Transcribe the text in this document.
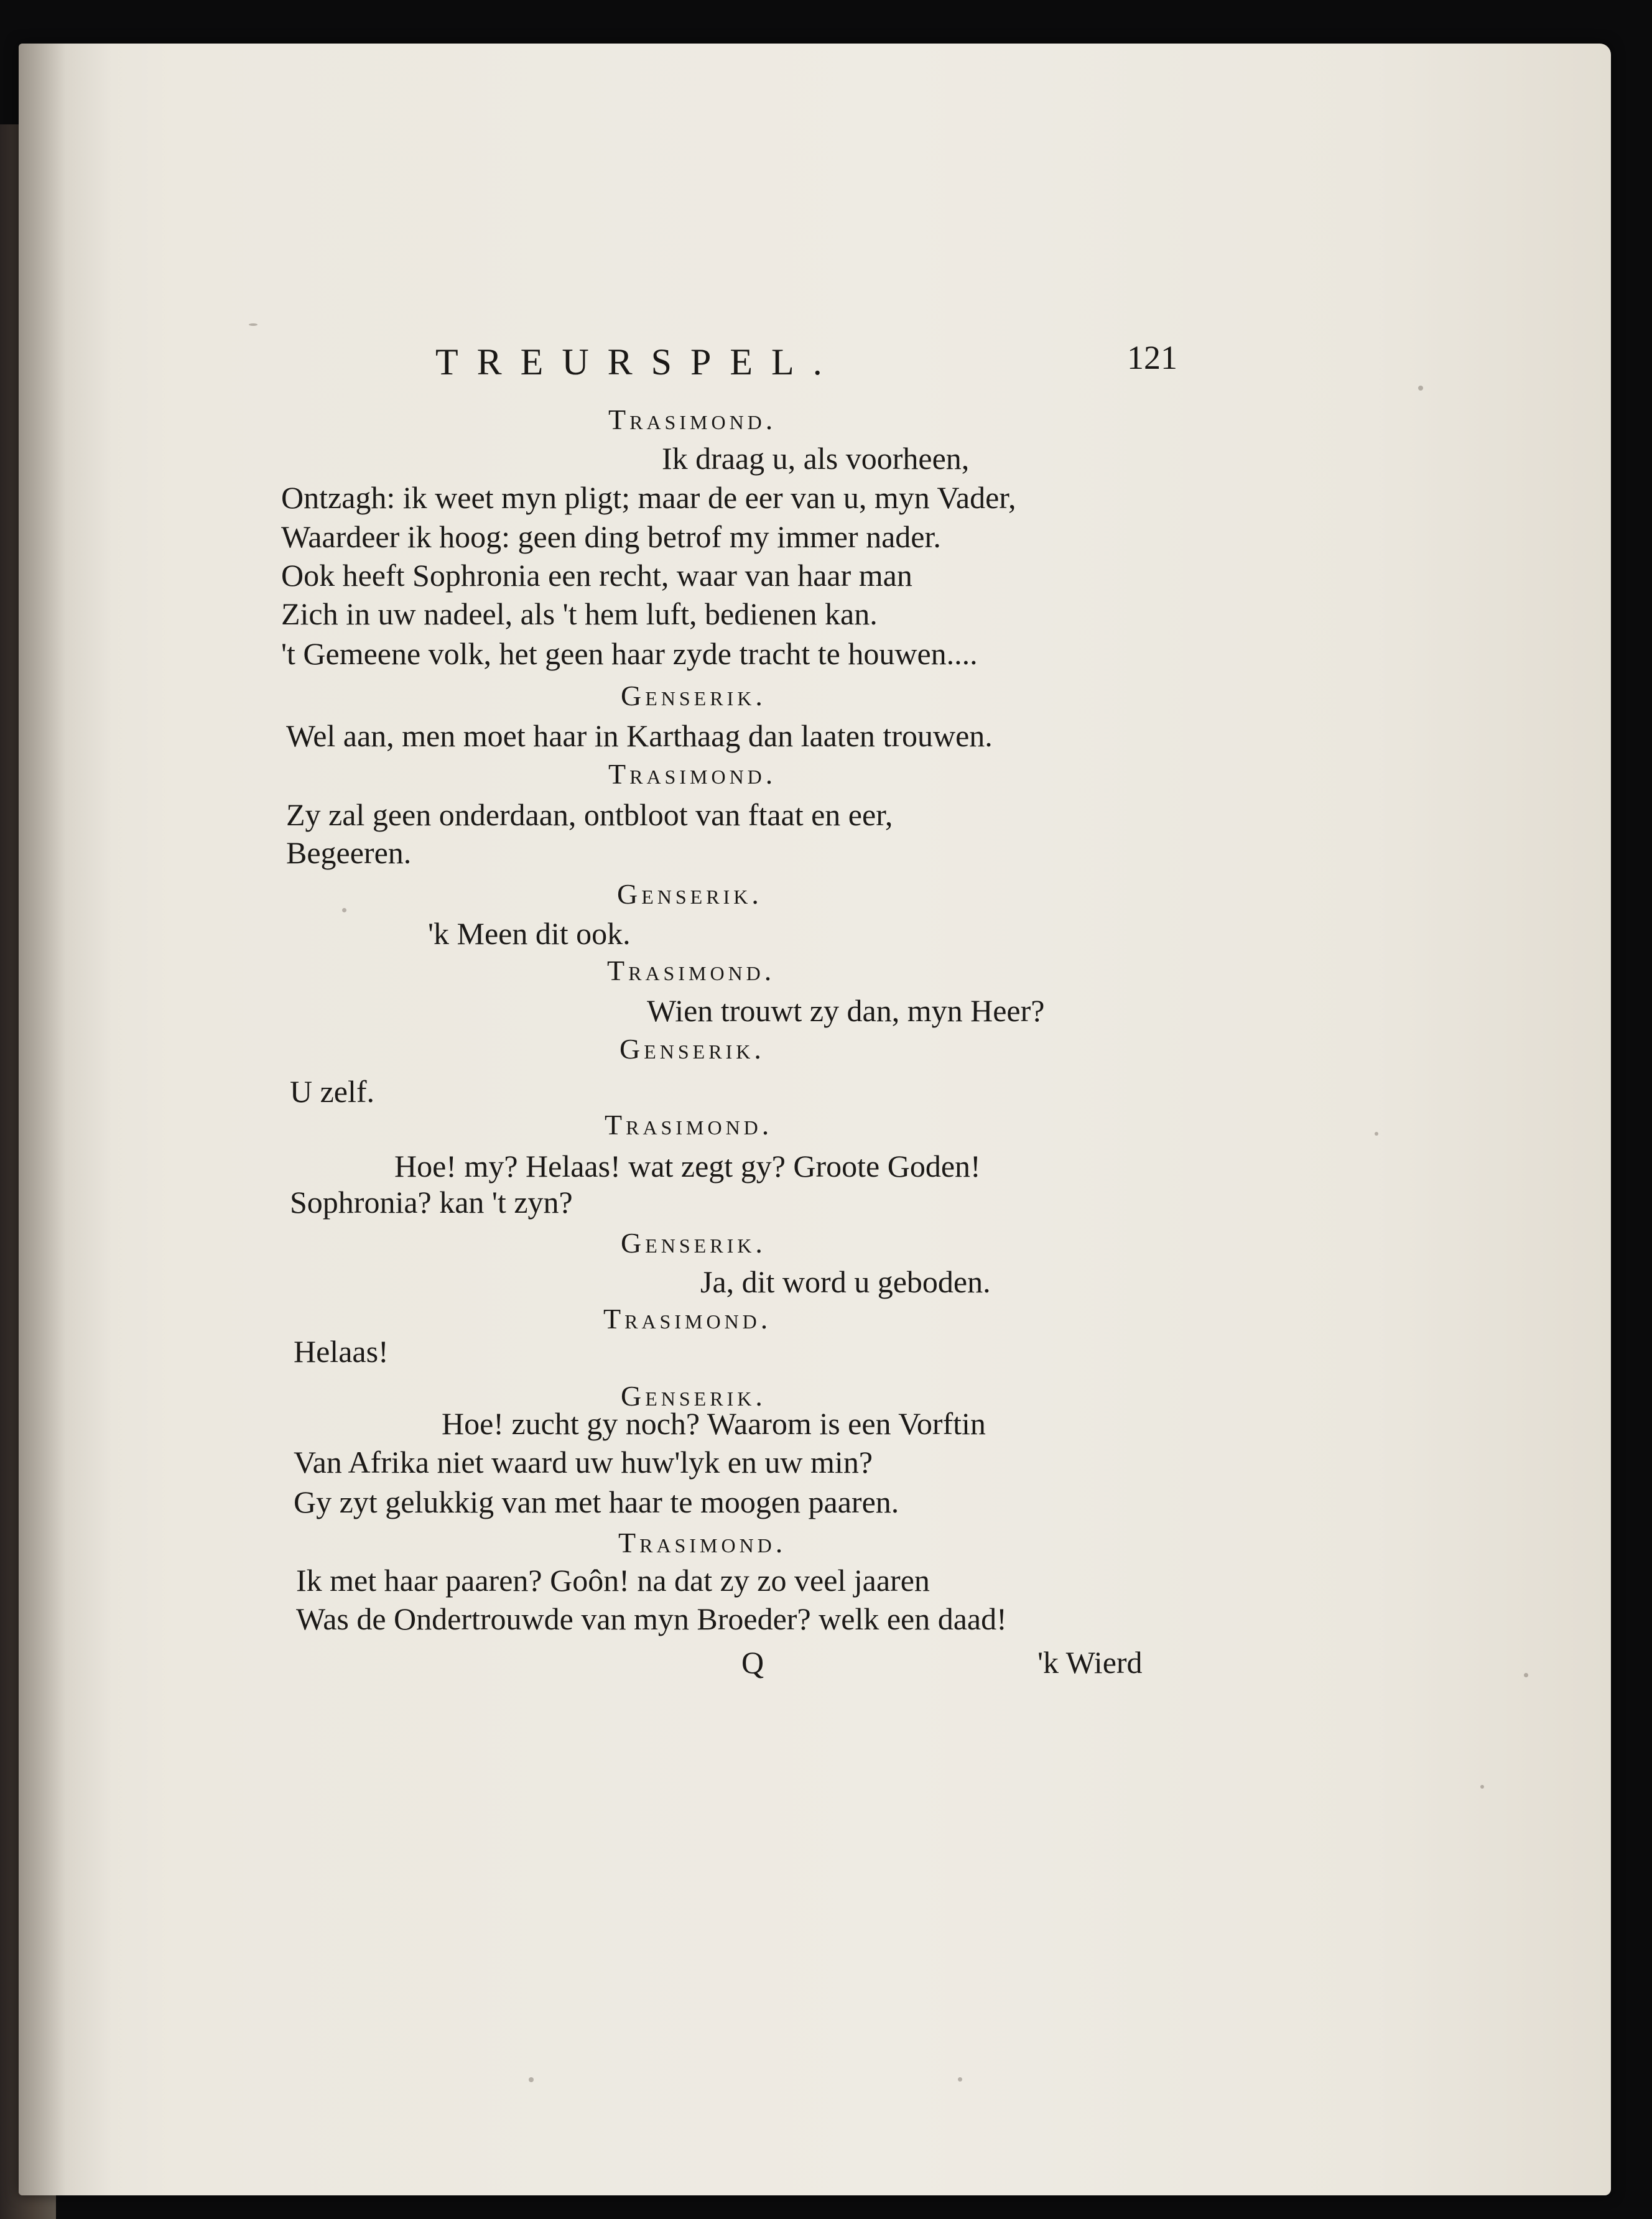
TREURSPEL.	121
Trasimond.
Ik draag u, als voorheen,
Ontzagh: ik weet myn pligt; maar de eer van u, myn Vader,
Waardeer ik hoog: geen ding betrof my immer nader.
Ook heeft Sophronia een recht, waar van haar man
Zich in uw nadeel, als 't hem luft, bedienen kan.
't Gemeene volk, het geen haar zyde tracht te houwen....
Genserik.
Wel aan, men moet haar in Karthaag dan laaten trouwen.
Trasimond.
Zy zal geen onderdaan, ontbloot van ftaat en eer,
Begeeren.
Genserik.
'k Meen dit ook.
Trasimond.
Wien trouwt zy dan, myn Heer?
Genserik.
U zelf.
Trasimond.
Hoe! my? Helaas! wat zegt gy? Groote Goden!
Sophronia? kan 't zyn?
Genserik.
Ja, dit word u geboden.
Trasimond.
Helaas!
Genserik.
Hoe! zucht gy noch? Waarom is een Vorftin
Van Afrika niet waard uw huw'lyk en uw min?
Gy zyt gelukkig van met haar te moogen paaren.
Trasimond.
Ik met haar paaren? Goôn! na dat zy zo veel jaaren
Was de Ondertrouwde van myn Broeder? welk een daad!
Q	'k Wierd
